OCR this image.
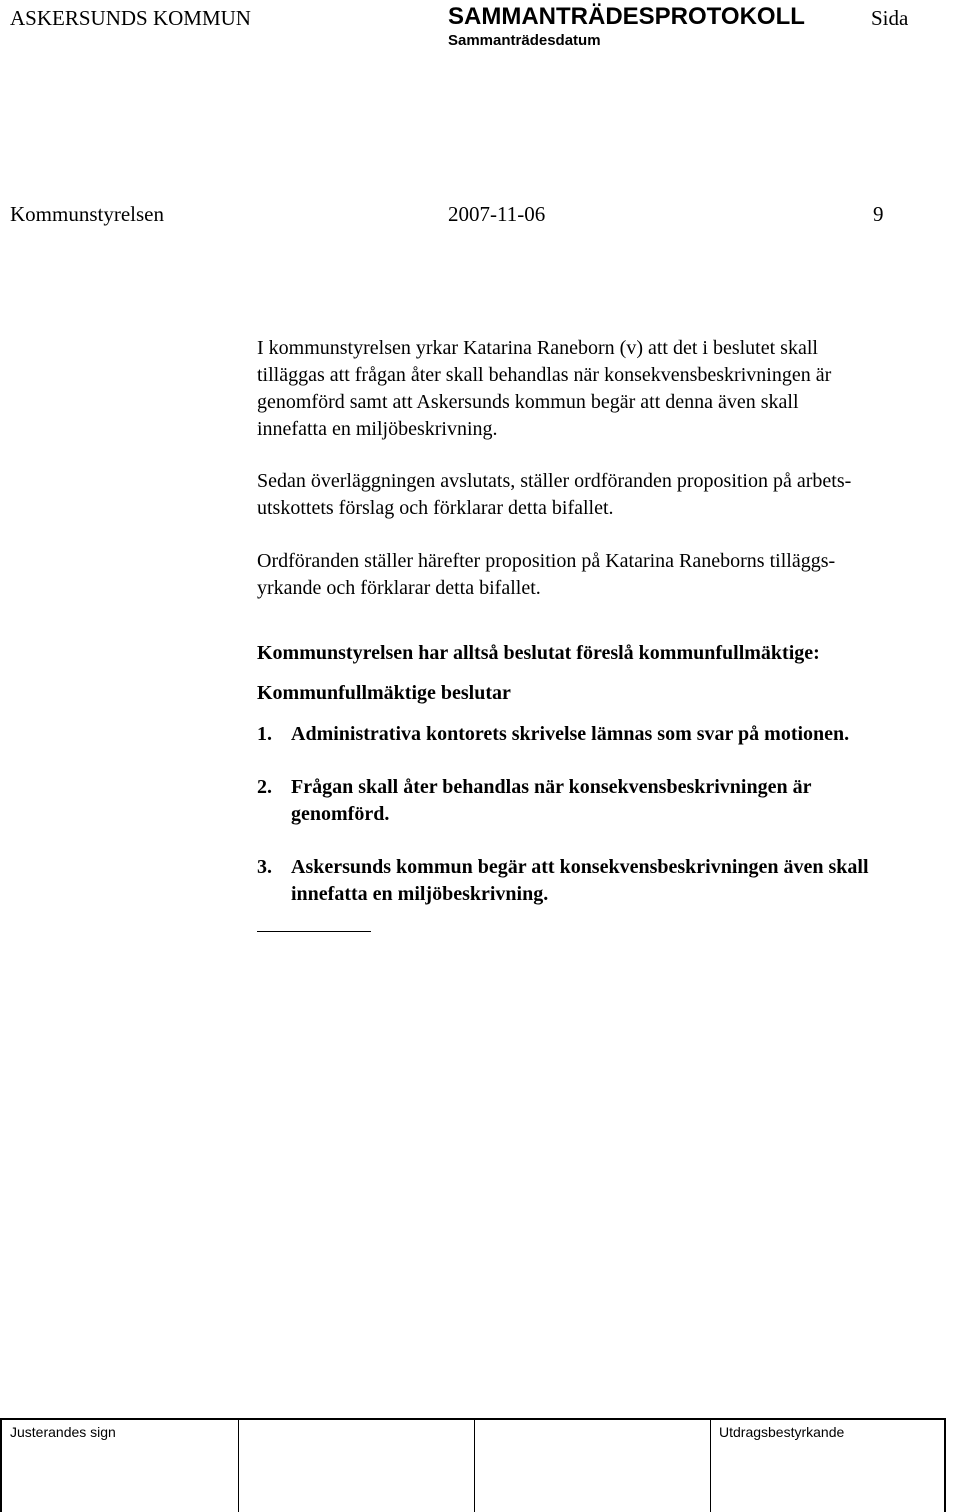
ASKERSUNDS KOMMUN	SAMMANTRÄDESPROTOKOLL	Sida
Sammanträdesdatum
Kommunstyrelsen	2007-11-06	9
I kommunstyrelsen yrkar Katarina Raneborn (v) att det i beslutet skall
tilläggas att frågan åter skall behandlas när konsekvensbeskrivningen är
genomförd samt att Askersunds kommun begär att denna även skall
innefatta en miljöbeskrivning.
Sedan överläggningen avslutats, ställer ordföranden proposition på arbets-
utskottets förslag och förklarar detta bifallet.
Ordföranden ställer härefter proposition på Katarina Raneborns tilläggs-
yrkande och förklarar detta bifallet.
Kommunstyrelsen har alltså beslutat föreslå kommunfullmäktige:
Kommunfullmäktige beslutar
1. Administrativa kontorets skrivelse lämnas som svar på motionen.
2. Frågan skall åter behandlas när konsekvensbeskrivningen är
genomförd.
3. Askersunds kommun begär att konsekvensbeskrivningen även skall
innefatta en miljöbeskrivning.
Justerandes sign	Utdragsbestyrkande
